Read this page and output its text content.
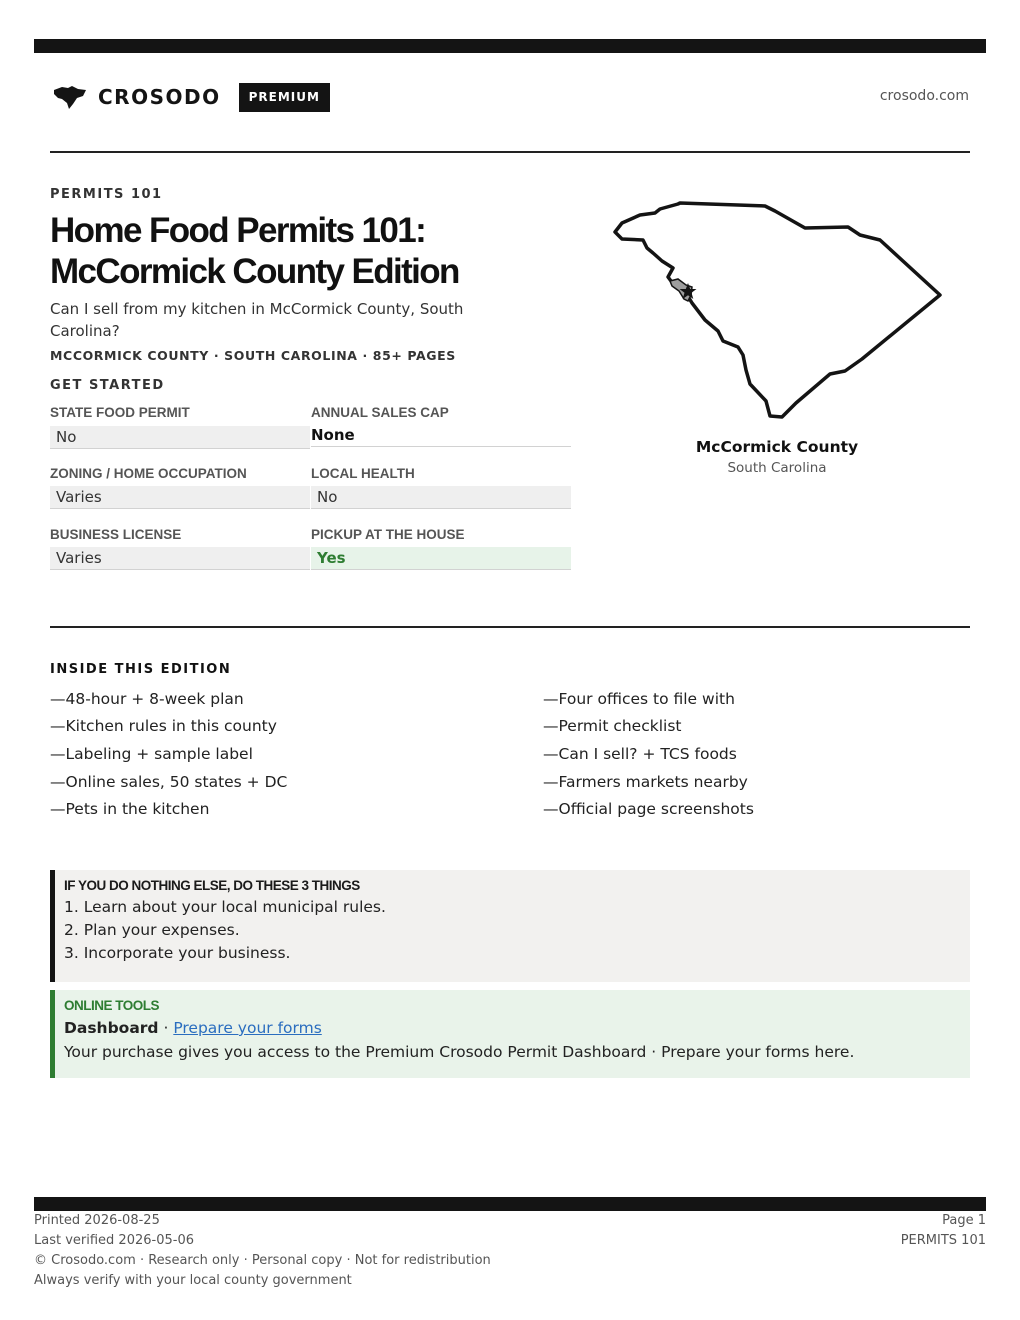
CROSODO	PREMIUM	crosodo.com
PERMITS 101
Home Food Permits 101:
McCormick County Edition
Can I sell from my kitchen in McCormick County, South Carolina?
MCCORMICK COUNTY · SOUTH CAROLINA · 85+ PAGES
GET STARTED
STATE FOOD PERMIT
No
ANNUAL SALES CAP
None
ZONING / HOME OCCUPATION
Varies
LOCAL HEALTH
No
BUSINESS LICENSE
Varies
PICKUP AT THE HOUSE
Yes
McCormick County
South Carolina
INSIDE THIS EDITION
—48-hour + 8-week plan
—Kitchen rules in this county
—Labeling + sample label
—Online sales, 50 states + DC
—Pets in the kitchen
—Four offices to file with
—Permit checklist
—Can I sell? + TCS foods
—Farmers markets nearby
—Official page screenshots
IF YOU DO NOTHING ELSE, DO THESE 3 THINGS
1. Learn about your local municipal rules.
2. Plan your expenses.
3. Incorporate your business.
ONLINE TOOLS
Dashboard · Prepare your forms
Your purchase gives you access to the Premium Crosodo Permit Dashboard · Prepare your forms here.
Printed 2026-08-25
Last verified 2026-05-06
© Crosodo.com · Research only · Personal copy · Not for redistribution
Always verify with your local county government
Page 1
PERMITS 101
